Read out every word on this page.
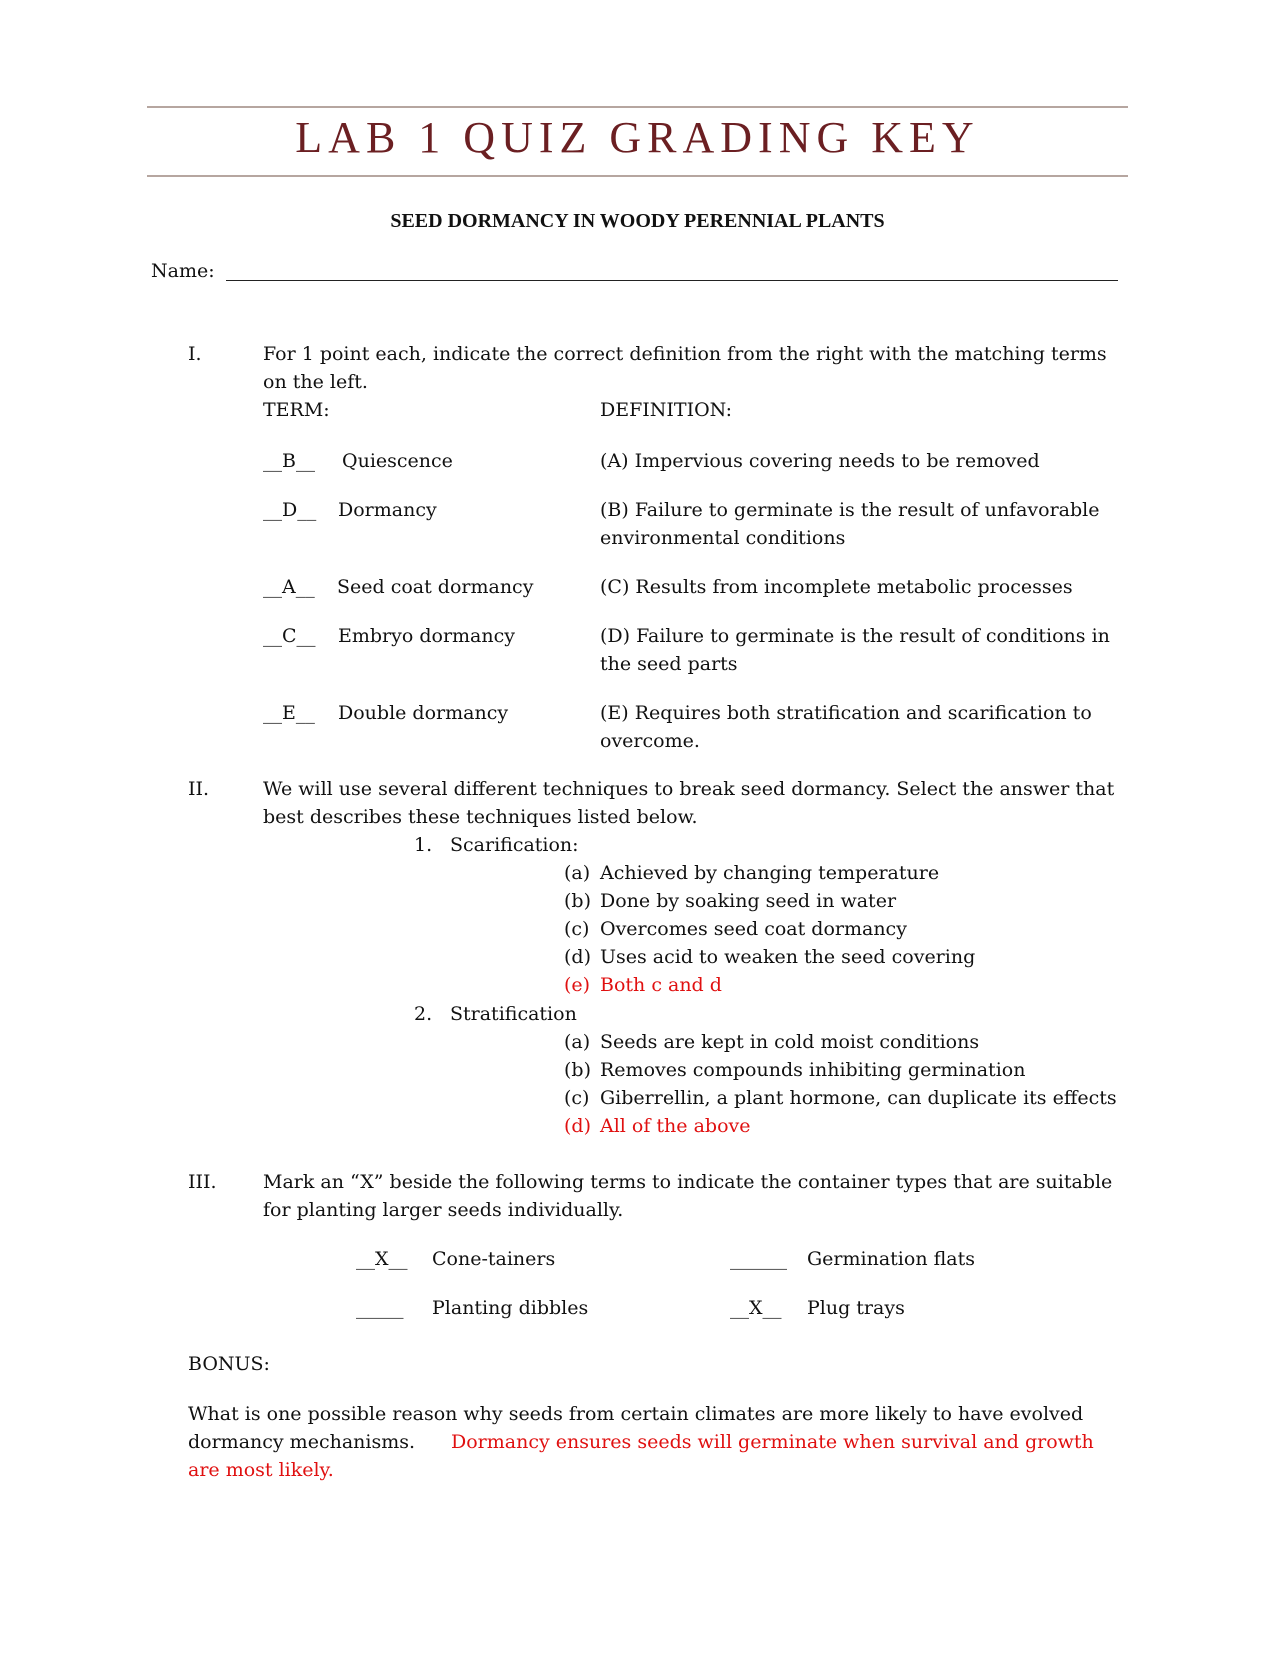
LAB 1 QUIZ GRADING KEY
SEED DORMANCY IN WOODY PERENNIAL PLANTS
Name:
I.	For 1 point each, indicate the correct definition from the right with the matching terms
on the left.
TERM:	DEFINITION:
__B__ Quiescence	(A) Impervious covering needs to be removed
__D__ Dormancy	(B) Failure to germinate is the result of unfavorable
environmental conditions
__A__ Seed coat dormancy	(C) Results from incomplete metabolic processes
__C__ Embryo dormancy	(D) Failure to germinate is the result of conditions in
the seed parts
__E__ Double dormancy	(E) Requires both stratification and scarification to
overcome.
II.	We will use several different techniques to break seed dormancy. Select the answer that
best describes these techniques listed below.
1. Scarification:
(a) Achieved by changing temperature
(b) Done by soaking seed in water
(c) Overcomes seed coat dormancy
(d) Uses acid to weaken the seed covering
(e) Both c and d
2. Stratification
(a) Seeds are kept in cold moist conditions
(b) Removes compounds inhibiting germination
(c) Giberrellin, a plant hormone, can duplicate its effects
(d) All of the above
III. Mark an “X” beside the following terms to indicate the container types that are suitable
for planting larger seeds individually.
__X__ Cone-tainers	______ Germination flats
_____ Planting dibbles	__X__ Plug trays
BONUS:
What is one possible reason why seeds from certain climates are more likely to have evolved
dormancy mechanisms. Dormancy ensures seeds will germinate when survival and growth
are most likely.
